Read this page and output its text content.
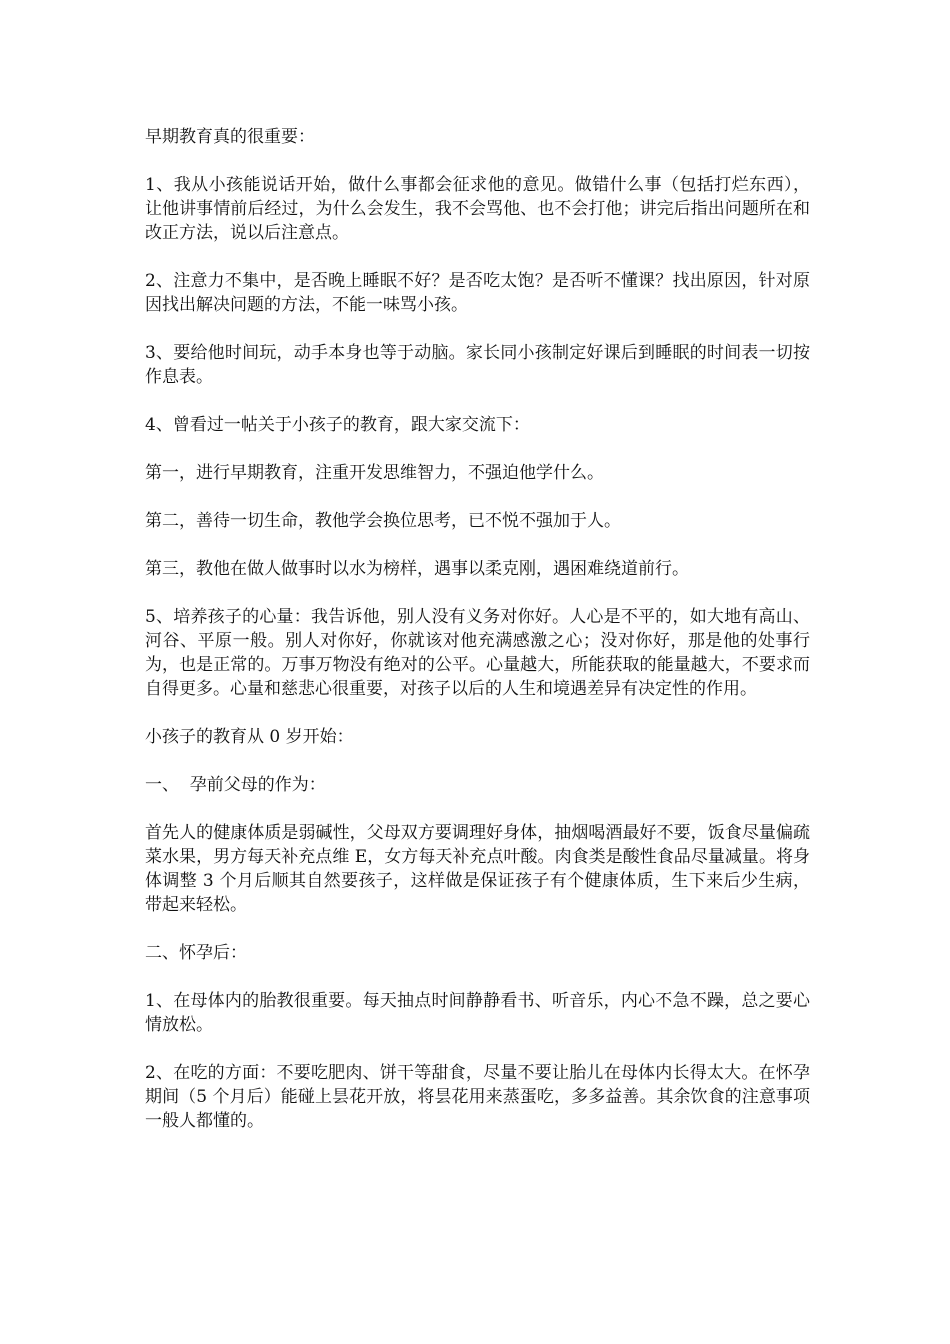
早期教育真的很重要：

1、我从小孩能说话开始，做什么事都会征求他的意见。做错什么事（包括打烂东西），让他讲事情前后经过，为什么会发生，我不会骂他、也不会打他；讲完后指出问题所在和改正方法，说以后注意点。

2、注意力不集中，是否晚上睡眠不好？是否吃太饱？是否听不懂课？找出原因，针对原因找出解决问题的方法，不能一味骂小孩。

3、要给他时间玩，动手本身也等于动脑。家长同小孩制定好课后到睡眠的时间表一切按作息表。

4、曾看过一帖关于小孩子的教育，跟大家交流下：

第一，进行早期教育，注重开发思维智力，不强迫他学什么。

第二，善待一切生命，教他学会换位思考，已不悦不强加于人。

第三，教他在做人做事时以水为榜样，遇事以柔克刚，遇困难绕道前行。

5、培养孩子的心量：我告诉他，别人没有义务对你好。人心是不平的，如大地有高山、河谷、平原一般。别人对你好，你就该对他充满感激之心；没对你好，那是他的处事行为，也是正常的。万事万物没有绝对的公平。心量越大，所能获取的能量越大，不要求而自得更多。心量和慈悲心很重要，对孩子以后的人生和境遇差异有决定性的作用。

小孩子的教育从 0 岁开始：

一、  孕前父母的作为：

首先人的健康体质是弱碱性，父母双方要调理好身体，抽烟喝酒最好不要，饭食尽量偏疏菜水果，男方每天补充点维 E，女方每天补充点叶酸。肉食类是酸性食品尽量减量。将身体调整 3 个月后顺其自然要孩子，这样做是保证孩子有个健康体质，生下来后少生病，带起来轻松。

二、怀孕后：

1、在母体内的胎教很重要。每天抽点时间静静看书、听音乐，内心不急不躁，总之要心情放松。

2、在吃的方面：不要吃肥肉、饼干等甜食，尽量不要让胎儿在母体内长得太大。在怀孕期间（5 个月后）能碰上昙花开放，将昙花用来蒸蛋吃，多多益善。其余饮食的注意事项一般人都懂的。
